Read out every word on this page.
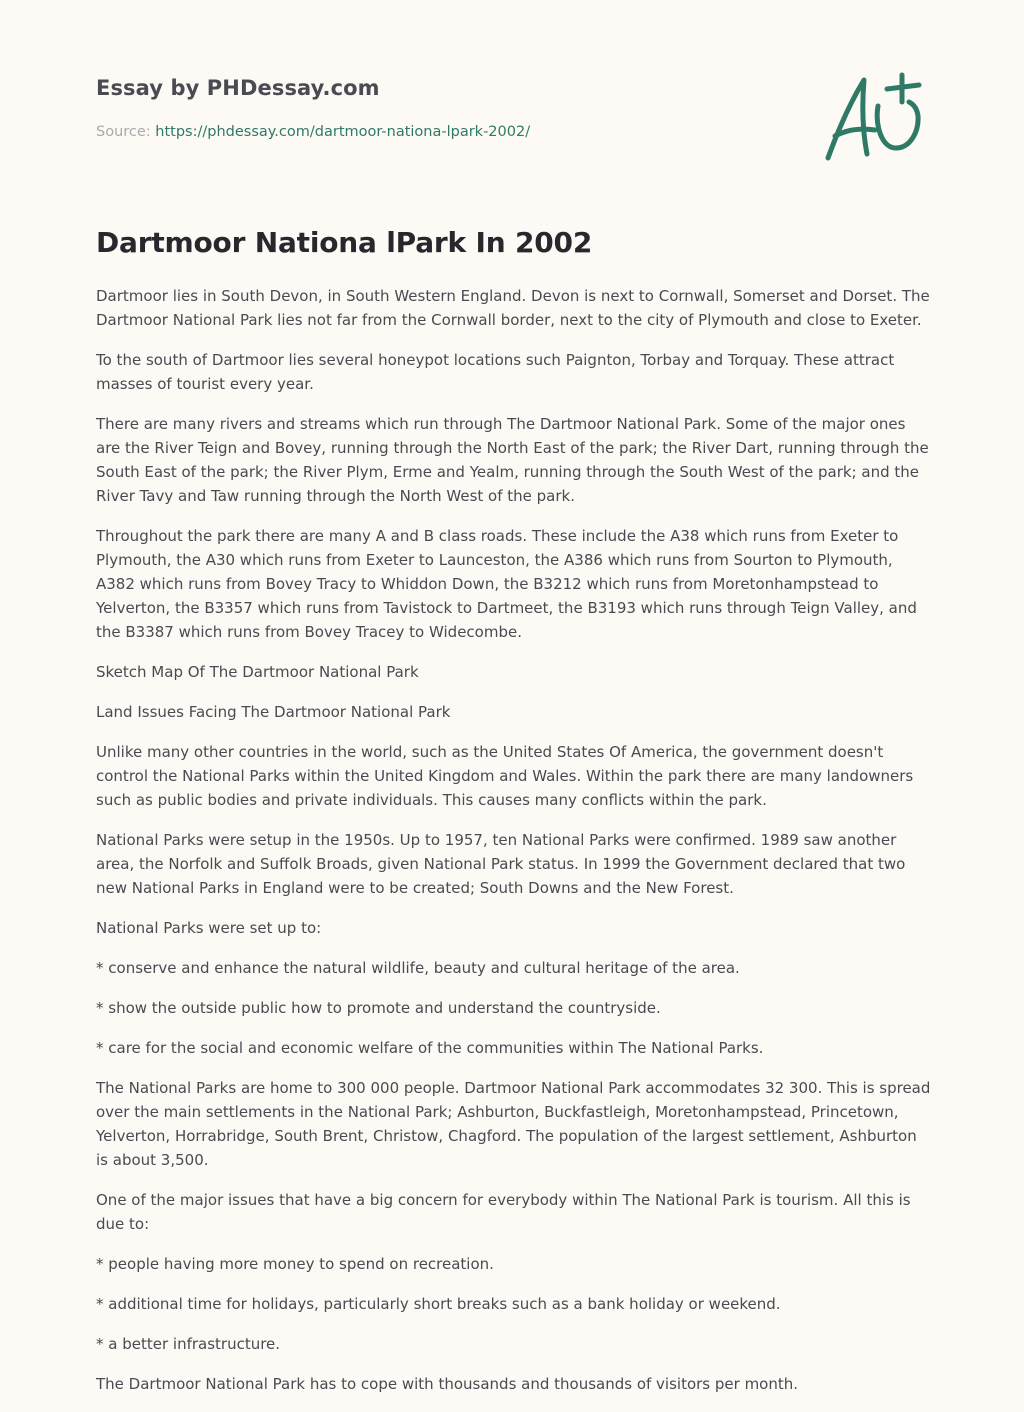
Essay by PHDessay.com
Source: https://phdessay.com/dartmoor-nationa-lpark-2002/
Dartmoor Nationa lPark In 2002

Dartmoor lies in South Devon, in South Western England. Devon is next to Cornwall, Somerset and Dorset. The Dartmoor National Park lies not far from the Cornwall border, next to the city of Plymouth and close to Exeter.

To the south of Dartmoor lies several honeypot locations such Paignton, Torbay and Torquay. These attract masses of tourist every year.

There are many rivers and streams which run through The Dartmoor National Park. Some of the major ones are the River Teign and Bovey, running through the North East of the park; the River Dart, running through the South East of the park; the River Plym, Erme and Yealm, running through the South West of the park; and the River Tavy and Taw running through the North West of the park.

Throughout the park there are many A and B class roads. These include the A38 which runs from Exeter to Plymouth, the A30 which runs from Exeter to Launceston, the A386 which runs from Sourton to Plymouth, A382 which runs from Bovey Tracy to Whiddon Down, the B3212 which runs from Moretonhampstead to Yelverton, the B3357 which runs from Tavistock to Dartmeet, the B3193 which runs through Teign Valley, and the B3387 which runs from Bovey Tracey to Widecombe.

Sketch Map Of The Dartmoor National Park

Land Issues Facing The Dartmoor National Park

Unlike many other countries in the world, such as the United States Of America, the government doesn't control the National Parks within the United Kingdom and Wales. Within the park there are many landowners such as public bodies and private individuals. This causes many conflicts within the park.

National Parks were setup in the 1950s. Up to 1957, ten National Parks were confirmed. 1989 saw another area, the Norfolk and Suffolk Broads, given National Park status. In 1999 the Government declared that two new National Parks in England were to be created; South Downs and the New Forest.

National Parks were set up to:

* conserve and enhance the natural wildlife, beauty and cultural heritage of the area.

* show the outside public how to promote and understand the countryside.

* care for the social and economic welfare of the communities within The National Parks.

The National Parks are home to 300 000 people. Dartmoor National Park accommodates 32 300. This is spread over the main settlements in the National Park; Ashburton, Buckfastleigh, Moretonhampstead, Princetown, Yelverton, Horrabridge, South Brent, Christow, Chagford. The population of the largest settlement, Ashburton is about 3,500.

One of the major issues that have a big concern for everybody within The National Park is tourism. All this is due to:

* people having more money to spend on recreation.

* additional time for holidays, particularly short breaks such as a bank holiday or weekend.

* a better infrastructure.

The Dartmoor National Park has to cope with thousands and thousands of visitors per month.
